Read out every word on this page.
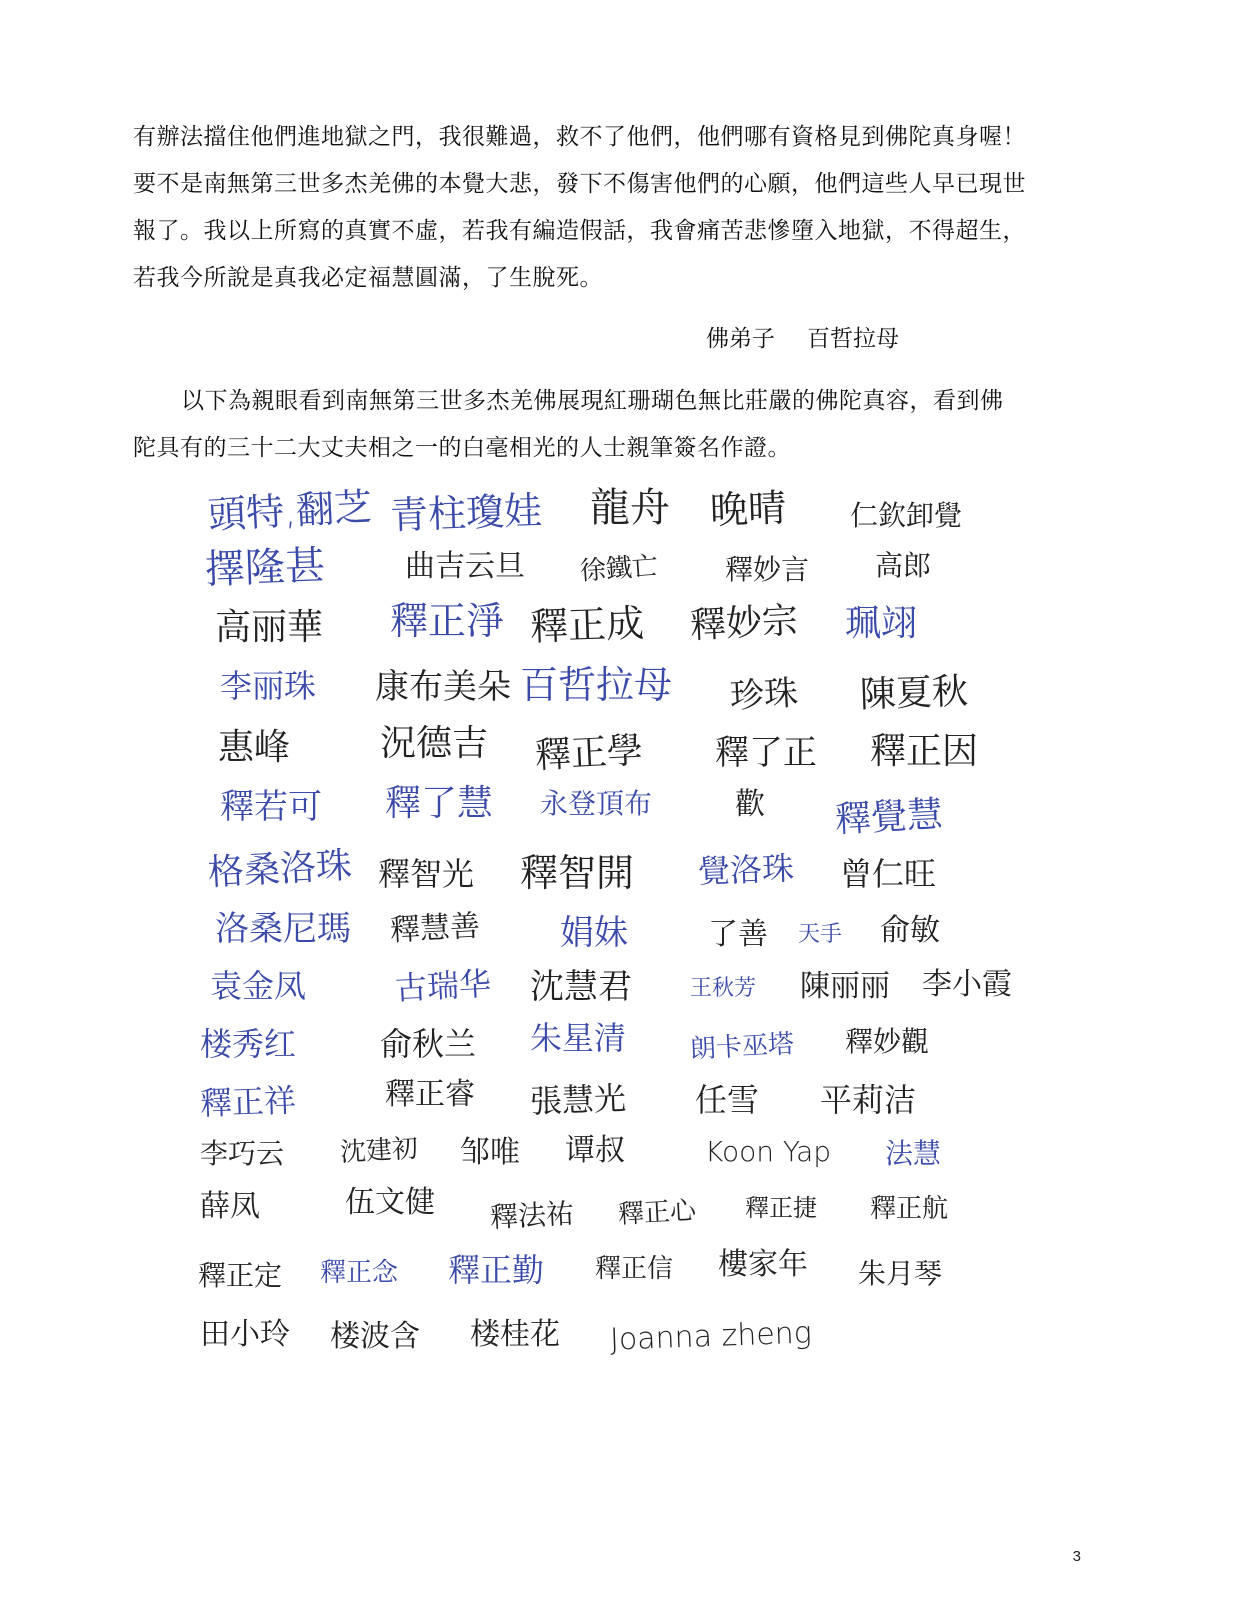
有辦法擋住他們進地獄之門，我很難過，救不了他們，他們哪有資格見到佛陀真身喔！
要不是南無第三世多杰羌佛的本覺大悲，發下不傷害他們的心願，他們這些人早已現世
報了。我以上所寫的真實不虛，若我有編造假話，我會痛苦悲慘墮入地獄，不得超生，
若我今所說是真我必定福慧圓滿，了生脫死。
佛弟子 百哲拉母
以下為親眼看到南無第三世多杰羌佛展現紅珊瑚色無比莊嚴的佛陀真容，看到佛
陀具有的三十二大丈夫相之一的白毫相光的人士親筆簽名作證。
頭特,翻芝 青柱瓊娃 龍舟 晚晴 仁欽卸覺
擇隆甚	曲吉云旦 徐鐵亡 釋妙言 高郎
高丽華 釋正淨 釋正成 釋妙宗 珮翊
李丽珠 康布美朵 百哲拉母 珍珠 陳夏秋
惠峰 況德吉 釋正學 釋了正 釋正因
釋若可 釋了慧 永登頂布	歡 釋覺慧
格桑洛珠 釋智光 釋智開 覺洛珠 曾仁旺
洛桑尼瑪 釋慧善 娟妹	了善 天手 俞敏
袁金凤	古瑞华 沈慧君	王秋芳 陳丽丽 李小霞
楼秀红	俞秋兰 朱星清 朗卡巫塔 釋妙觀
釋正祥	釋正睿 張慧光 任雪 平莉洁
李巧云 沈建初 邹唯 谭叔	Koon Yap 法慧
薛凤	伍文健 釋法祐 釋正心 釋正捷 釋正航
釋正定 釋正念 釋正勤 釋正信 樓家年 朱月琴
田小玲 楼波含 楼桂花 Joanna zheng
3
